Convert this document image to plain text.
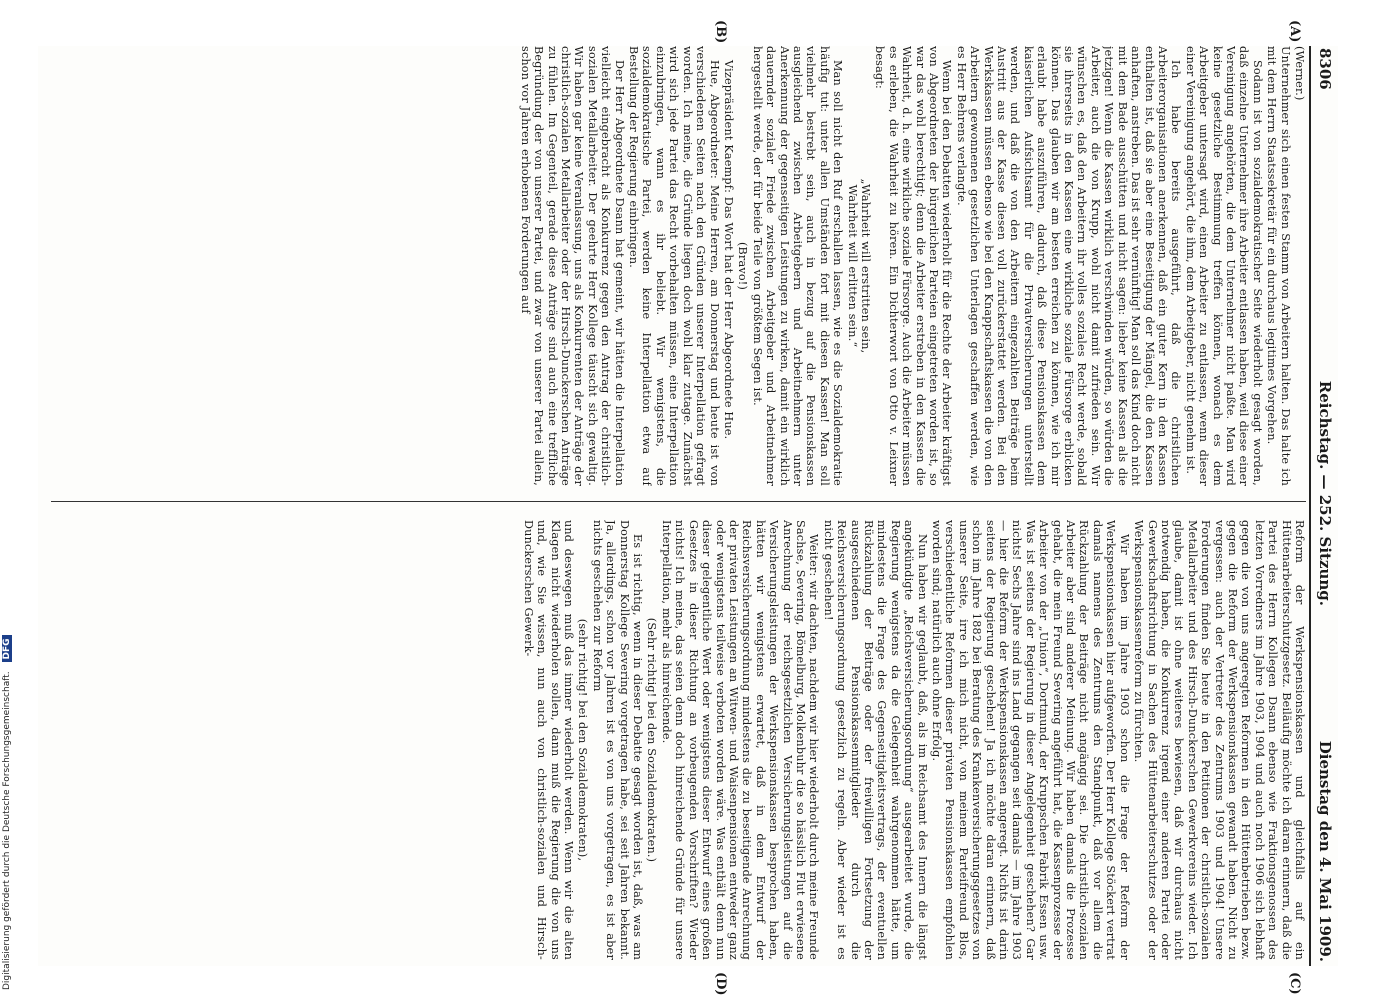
8306
Reichstag. — 252. Sitzung.
Dienstag den 4. Mai 1909.
(A)
(B)
(C)
(D)

(Werner.)

Unternehmer sich einen festen Stamm von Arbeitern halten. Das halte ich mit dem Herrn Staatssekretär für ein durchaus legitimes Vorgehen.

Sodann ist von sozialdemokratischer Seite wiederholt gesagt worden, daß einzelne Unternehmer ihre Arbeiter entlassen haben, weil diese einer Vereinigung angehörten, die dem Unternehmer nicht paßte. Man wird keine gesetzliche Bestimmung treffen können, wonach es dem Arbeitgeber untersagt wird, einen Arbeiter zu entlassen, wenn dieser einer Vereinigung angehört, die ihm, dem Arbeitgeber, nicht genehm ist.

Ich habe bereits ausgeführt, daß die christlichen Arbeiterorganisationen anerkennen, daß ein guter Kern in den Kassen enthalten ist, daß sie aber eine Beseitigung der Mängel, die den Kassen anhaften, anstreben. Das ist sehr vernünftig! Man soll das Kind doch nicht mit dem Bade ausschütten und nicht sagen: lieber keine Kassen als die jetzigen! Wenn die Kassen wirklich verschwinden würden, so würden die Arbeiter, auch die von Krupp, wohl nicht damit zufrieden sein. Wir wünschen es, daß den Arbeitern ihr volles soziales Recht werde, sobald sie ihrerseits in den Kassen eine wirkliche soziale Fürsorge erblicken können. Das glauben wir am besten erreichen zu können, wie ich mir erlaubt habe auszuführen, dadurch, daß diese Pensionskassen dem kaiserlichen Aufsichtsamt für die Privatversicherungen unterstellt werden, und daß die von den Arbeitern eingezahlten Beiträge beim Austritt aus der Kasse diesen voll zurückerstattet werden. Bei den Werkskassen müssen ebenso wie bei den Knappschaftskassen die von den Arbeitern gewonnenen gesetzlichen Unterlagen geschaffen werden, wie es Herr Behrens verlangte.

Wenn bei den Debatten wiederholt für die Rechte der Arbeiter kräftigst von Abgeordneten der bürgerlichen Parteien eingetreten worden ist, so war das wohl berechtigt; denn die Arbeiter erstreben in den Kassen die Wahrheit, d. h. eine wirkliche soziale Fürsorge. Auch die Arbeiter müssen es erleben, die Wahrheit zu hören. Ein Dichterwort von Otto v. Leixner besagt:

„Wahrheit will erstritten sein,
Wahrheit will erlitten sein.“

Man soll nicht den Ruf erschallen lassen, wie es die Sozialdemokratie häufig tut: unter allen Umständen fort mit diesen Kassen! Man soll vielmehr bestrebt sein, auch in bezug auf die Pensionskassen ausgleichend zwischen Arbeitgebern und Arbeitnehmern unter Anerkennung der gegenseitigen Leistungen zu wirken, damit ein wirklich dauernder sozialer Friede zwischen Arbeitgeber und Arbeitnehmer hergestellt werde, der für beide Teile von größtem Segen ist.

(Bravo!)

Vizepräsident Kaempf: Das Wort hat der Herr Abgeordnete Hue.

Hue, Abgeordneter: Meine Herren, am Donnerstag und heute ist von verschiedenen Seiten nach den Gründen unserer Interpellation gefragt worden. Ich meine, die Gründe liegen doch wohl klar zutage. Zunächst wird sich jede Partei das Recht vorbehalten müssen, eine Interpellation einzubringen, wann es ihr beliebt. Wir wenigstens, die sozialdemokratische Partei, werden keine Interpellation etwa auf Bestellung der Regierung einbringen.

Der Herr Abgeordnete Dsann hat gemeint, wir hätten die Interpellation vielleicht eingebracht als Konkurrenz gegen den Antrag der christlich-sozialen Metallarbeiter. Der geehrte Herr Kollege täuscht sich gewaltig. Wir haben gar keine Veranlassung, uns als Konkurrenten der Anträge der christlich-sozialen Metallarbeiter oder der Hirsch-Dunckerschen Anträge zu fühlen. Im Gegenteil, gerade diese Anträge sind auch eine treffliche Begründung der von unserer Partei, und zwar von unserer Partei allein, schon vor Jahren erhobenen Forderungen auf

Reform der Werkspensionskassen und gleichfalls auf ein Hüttenarbeiterschutzgesetz. Beiläufig möchte ich daran erinnern, daß die Partei des Herrn Kollegen Dsann ebenso wie Fraktionsgenossen des letzten Vorredners im Jahre 1903, 1904 und auch noch 1906 sich lebhaft gegen die von uns angeregten Reformen in den Hüttenbetrieben bezw. gegen die Reform der Werkspensionskassen gewandt haben. Nicht zu vergessen: auch der Vertreter des Zentrums 1903 und 1904! Unsere Forderungen finden Sie heute in den Petitionen der christlich-sozialen Metallarbeiter und des Hirsch-Dunckerschen Gewerkvereins wieder. Ich glaube, damit ist ohne weiteres bewiesen, daß wir durchaus nicht notwendig haben, die Konkurrenz irgend einer anderen Partei oder Gewerkschaftsrichtung in Sachen des Hüttenarbeiterschutzes oder der Werkspensionskassenreform zu fürchten.

Wir haben im Jahre 1903 schon die Frage der Reform der Werkspensionskassen hier aufgeworfen. Der Herr Kollege Stöckert vertrat damals namens des Zentrums den Standpunkt, daß vor allem die Rückzahlung der Beiträge nicht angängig sei. Die christlich-sozialen Arbeiter aber sind anderer Meinung. Wir haben damals die Prozesse gehabt, die mein Freund Severing angeführt hat, die Kassenprozesse der Arbeiter von der „Union“, Dortmund, der Kruppschen Fabrik Essen usw. Was ist seitens der Regierung in dieser Angelegenheit geschehen? Gar nichts! Sechs Jahre sind ins Land gegangen seit damals — im Jahre 1903 — hier die Reform der Werkspensionskassen angeregt. Nichts ist darin seitens der Regierung geschehen! Ja ich möchte daran erinnern, daß schon im Jahre 1882 bei Beratung des Krankenversicherungsgesetzes von unserer Seite, irre ich mich nicht, von meinem Parteifreund Blos, verschiedentliche Reformen dieser privaten Pensionskassen empfohlen worden sind; natürlich auch ohne Erfolg.

Nun haben wir geglaubt, daß, als im Reichsamt des Innern die längst angekündigte „Reichsversicherungsordnung“ ausgearbeitet wurde, die Regierung wenigstens da die Gelegenheit wahrgenommen hätte, um mindestens die Frage des Gegenseitigkeitsvertrags, der eventuellen Rückzahlung der Beiträge oder der freiwilligen Fortsetzung der ausgeschiedenen Pensionskassenmitglieder durch die Reichsversicherungsordnung gesetzlich zu regeln. Aber wieder ist es nicht geschehen!

Weiter: wir dachten, nachdem wir hier wiederholt durch meine Freunde Sachse, Severing, Bömelburg, Molkenbuhr die so hässlich Flut erwiesene Anrechnung der reichsgesetzlichen Versicherungsleistungen auf die Versicherungsleistungen der Werkspensionskassen besprochen haben, hätten wir wenigstens erwartet, daß in dem Entwurf der Reichsversicherungsordnung mindestens die zu beseitigende Anrechnung der privaten Leistungen an Witwen- und Waisenpensionen entweder ganz oder wenigstens teilweise verboten worden wäre. Was enthält denn nun dieser gelegentliche Wert oder wenigstens dieser Entwurf eines großen Gesetzes in dieser Richtung an vorbeugenden Vorschriften? Wieder nichts! Ich meine, das seien denn doch hinreichende Gründe für unsere Interpellation, mehr als hinreichende.

(Sehr richtig! bei den Sozialdemokraten.)

Es ist richtig, wenn in dieser Debatte gesagt worden ist, daß, was am Donnerstag Kollege Severing vorgetragen habe, sei seit Jahren bekannt. Ja, allerdings, schon vor Jahren ist es von uns vorgetragen, es ist aber nichts geschehen zur Reform

(sehr richtig! bei den Sozialdemokraten),

und deswegen muß das immer wiederholt werden. Wenn wir die alten Klagen nicht wiederholen sollen, dann muß die Regierung die von uns und, wie Sie wissen, nun auch von christlich-sozialen und Hirsch-Dunckerschen Gewerk-

Digitalisierung gefördert durch die Deutsche Forschungsgemeinschaft. DFG
